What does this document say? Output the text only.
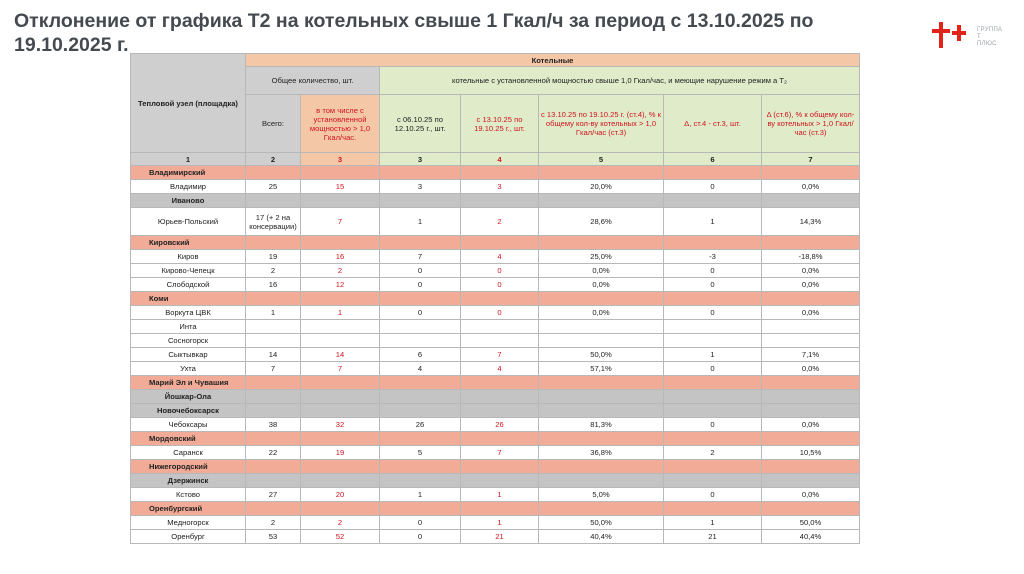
Отклонение от графика Т2 на котельных свыше 1 Гкал/ч за период с 13.10.2025 по 19.10.2025 г.
ГРУППА
Т ПЛЮС
Тепловой узел (площадка)	Котельные						
	Общее количество, шт.		котельные с установленной мощностью свыше 1,0 Гкал/час, и меющие нарушение режим а Т₂				
	Всего:	в том числе с установленной мощностью > 1,0 Гкал/час.	с 06.10.25 по 12.10.25 г., шт.	с 13.10.25 по 19.10.25 г., шт.	с 13.10.25 по 19.10.25 г. (ст.4), % к общему кол-ву котельных > 1,0 Гкал/час (ст.3)	Δ, ст.4 - ст.3, шт.	Δ (ст.6), % к общему кол-ву котельных > 1,0 Гкал/час (ст.3)
1	2	3	3	4	5	6	7
Владимирский							
Владимир	25	15	3	3	20,0%	0	0,0%
Иваново							
Юрьев-Польский	17 (+ 2 на консервации)	7	1	2	28,6%	1	14,3%
Кировский							
Киров	19	16	7	4	25,0%	-3	-18,8%
Кирово-Чепецк	2	2	0	0	0,0%	0	0,0%
Слободской	16	12	0	0	0,0%	0	0,0%
Коми							
Воркута ЦВК	1	1	0	0	0,0%	0	0,0%
Инта							
Сосногорск							
Сыктывкар	14	14	6	7	50,0%	1	7,1%
Ухта	7	7	4	4	57,1%	0	0,0%
Марий Эл и Чувашия							
Йошкар-Ола							
Новочебоксарск							
Чебоксары	38	32	26	26	81,3%	0	0,0%
Мордовский							
Саранск	22	19	5	7	36,8%	2	10,5%
Нижегородский							
Дзержинск							
Кстово	27	20	1	1	5,0%	0	0,0%
Оренбургский							
Медногорск	2	2	0	1	50,0%	1	50,0%
Оренбург	53	52	0	21	40,4%	21	40,4%
